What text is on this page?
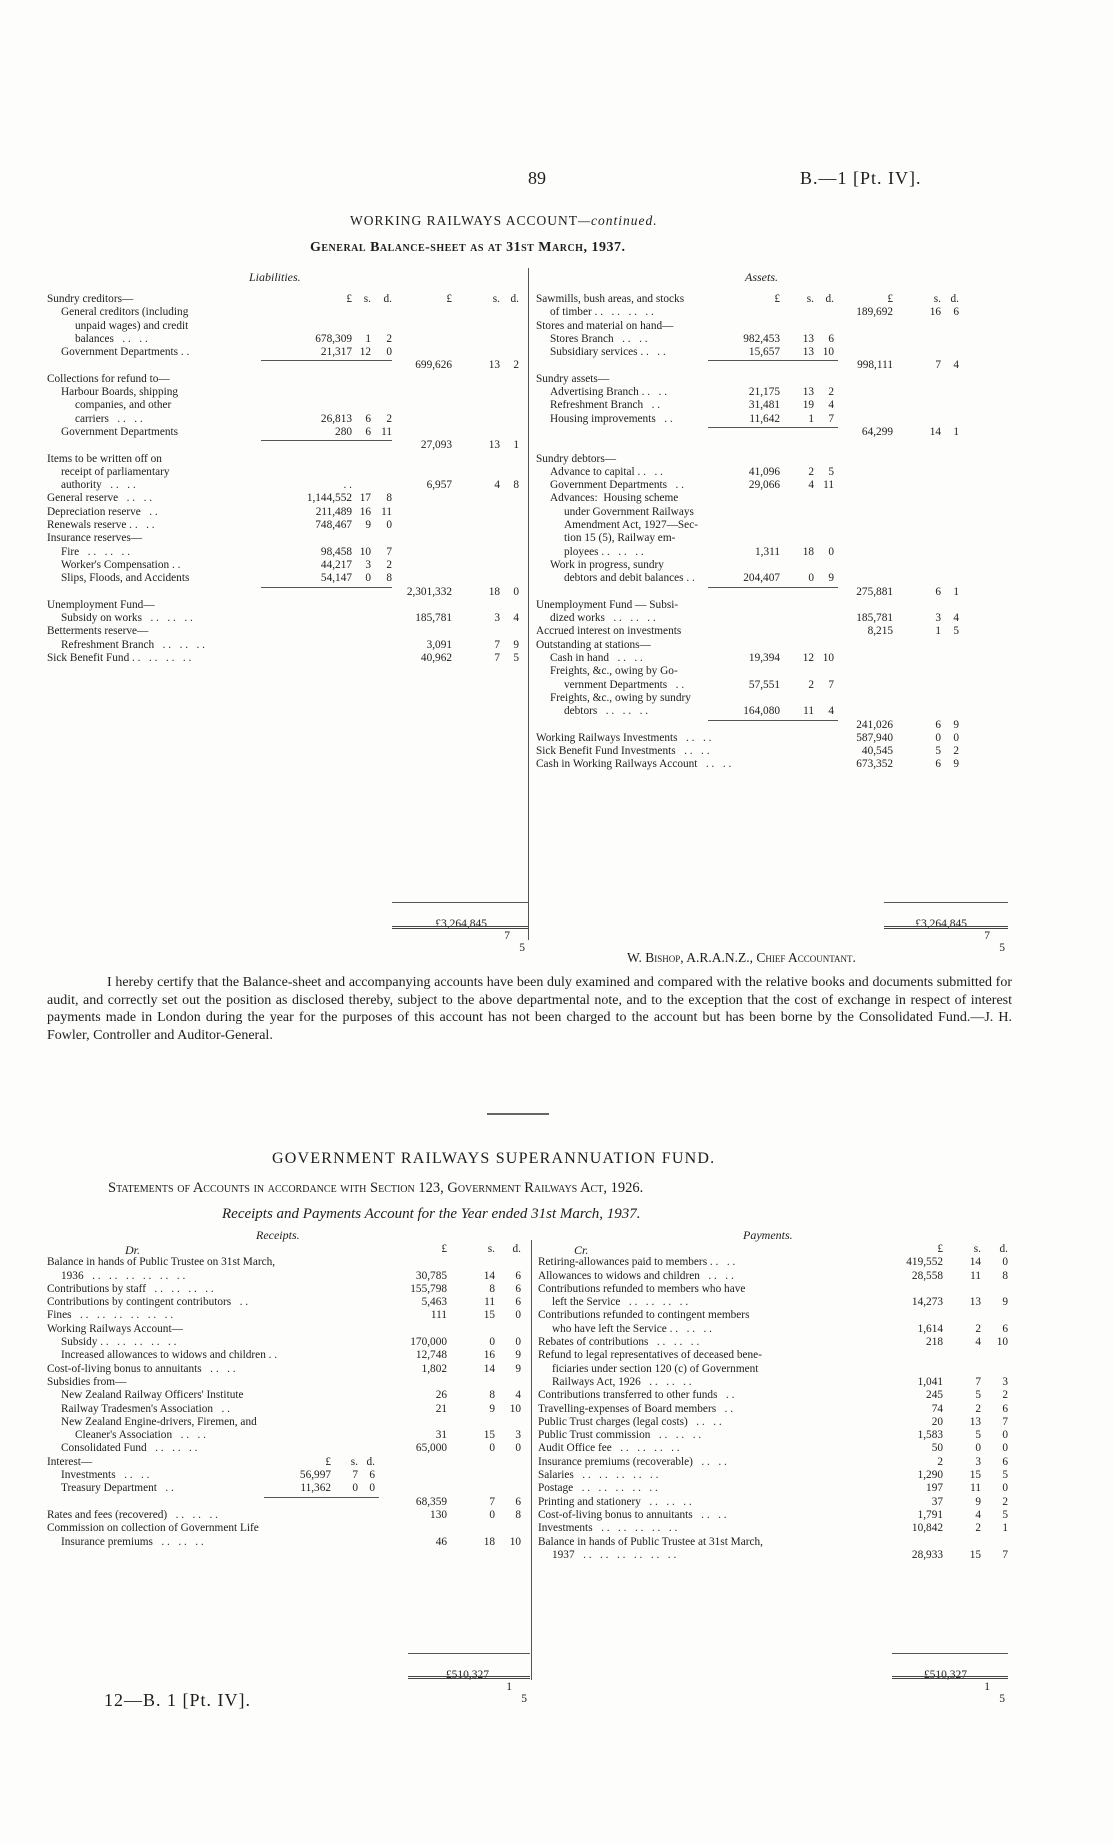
89	B.—1 [Pt. IV].
WORKING RAILWAYS ACCOUNT—continued.
General Balance-sheet as at 31st March, 1937.
Liabilities.	Assets.
Sundry creditors—	£	s.	d.	£	s. d.
General creditors (including
unpaid wages) and credit
balances   . .   . .	678,309	1	2
Government Departments . .	21,317 12	0
699,626	13	2
Collections for refund to—
Harbour Boards, shipping
companies, and other
carriers   . .   . .	26,813	6	2
Government Departments	280	6 11
27,093	13	1
Items to be written off on
receipt of parliamentary
authority   . .   . .	. .	6,957	4	8
General reserve   . .   . .	1,144,552 17	8
Depreciation reserve   . .	211,489 16 11
Renewals reserve . .   . .	748,467	9	0
Insurance reserves—
Fire   . .   . .   . .	98,458 10	7
Worker's Compensation . .	44,217	3	2
Slips, Floods, and Accidents	54,147	0	8
2,301,332	18	0
Unemployment Fund—
Subsidy on works   . .   . .   . .	185,781	3	4
Betterments reserve—
Refreshment Branch   . .   . .   . .	3,091	7	9
Sick Benefit Fund . .   . .   . .   . .	40,962	7	5
Sawmills, bush areas, and stocks	£	s.	d.	£	s. d.
of timber . .   . .   . .   . .	189,692	16	6
Stores and material on hand—
Stores Branch   . .   . .	982,453	13	6
Subsidiary services . .   . .	15,657	13 10
998,111	7	4
Sundry assets—
Advertising Branch . .   . .	21,175	13	2
Refreshment Branch   . .	31,481	19	4
Housing improvements   . .	11,642	1	7
64,299	14	1
Sundry debtors—
Advance to capital . .   . .	41,096	2	5
Government Departments   . .	29,066	4 11
Advances:  Housing scheme
under Government Railways
Amendment Act, 1927—Sec-
tion 15 (5), Railway em-
ployees . .   . .   . .	1,311	18	0
Work in progress, sundry
debtors and debit balances . .	204,407	0	9
275,881	6	1
Unemployment Fund — Subsi-
dized works   . .   . .   . .	185,781	3	4
Accrued interest on investments	8,215	1	5
Outstanding at stations—
Cash in hand   . .   . .	19,394	12 10
Freights, &c., owing by Go-
vernment Departments   . .	57,551	2	7
Freights, &c., owing by sundry
debtors   . .   . .   . .	164,080	11	4
241,026	6	9
Working Railways Investments   . .   . .	587,940	0	0
Sick Benefit Fund Investments   . .   . .	40,545	5	2
Cash in Working Railways Account   . .   . .	673,352	6	9

£3,264,845

7

5

£3,264,845

7

5

W. Bishop, A.R.A.N.Z., Chief Accountant.
I hereby certify that the Balance-sheet and accompanying accounts have been duly examined and compared with the relative books and documents submitted for audit, and correctly set out the position as disclosed thereby, subject to the above departmental note, and to the exception that the cost of exchange in respect of interest payments made in London during the year for the purposes of this account has not been charged to the account but has been borne by the Consolidated Fund.—J. H. Fowler, Controller and Auditor-General.
GOVERNMENT RAILWAYS SUPERANNUATION FUND.
Statements of Accounts in accordance with Section 123, Government Railways Act, 1926.
Receipts and Payments Account for the Year ended 31st March, 1937.
Receipts.	Payments.
Dr.	Cr.
£	s.	d.
Balance in hands of Public Trustee on 31st March,
1936   . .   . .   . .   . .   . .   . .	30,785	14	6
Contributions by staff   . .   . .   . .   . .	155,798	8	6
Contributions by contingent contributors   . .	5,463	11	6
Fines   . .   . .   . .   . .   . .   . .	111	15	0
Working Railways Account—
Subsidy . .   . .   . .   . .   . .	170,000	0	0
Increased allowances to widows and children . .	12,748	16	9
Cost-of-living bonus to annuitants   . .   . .	1,802	14	9
Subsidies from—
New Zealand Railway Officers' Institute	26	8	4
Railway Tradesmen's Association   . .	21	9	10
New Zealand Engine-drivers, Firemen, and
Cleaner's Association   . .   . .	31	15	3
Consolidated Fund   . .   . .   . .	65,000	0	0
Interest—	£	s. d.
Investments   . .   . .	56,997	7	6
Treasury Department   . .	11,362	0	0
68,359	7	6
Rates and fees (recovered)   . .   . .   . .	130	0	8
Commission on collection of Government Life
Insurance premiums   . .   . .   . .	46	18	10
£	s.	d.
Retiring-allowances paid to members . .   . .	419,552	14	0
Allowances to widows and children   . .   . .	28,558	11	8
Contributions refunded to members who have
left the Service   . .   . .   . .   . .	14,273	13	9
Contributions refunded to contingent members
who have left the Service . .   . .   . .	1,614	2	6
Rebates of contributions   . .   . .   . .	218	4	10
Refund to legal representatives of deceased bene-
ficiaries under section 120 (c) of Government
Railways Act, 1926   . .   . .   . .	1,041	7	3
Contributions transferred to other funds   . .	245	5	2
Travelling-expenses of Board members   . .	74	2	6
Public Trust charges (legal costs)   . .   . .	20	13	7
Public Trust commission   . .   . .   . .	1,583	5	0
Audit Office fee   . .   . .   . .   . .	50	0	0
Insurance premiums (recoverable)   . .   . .	2	3	6
Salaries   . .   . .   . .   . .   . .	1,290	15	5
Postage   . .   . .   . .   . .   . .	197	11	0
Printing and stationery   . .   . .   . .	37	9	2
Cost-of-living bonus to annuitants   . .   . .	1,791	4	5
Investments   . .   . .   . .   . .   . .	10,842	2	1
Balance in hands of Public Trustee at 31st March,
1937   . .   . .   . .   . .   . .   . .	28,933	15	7

£510,327

1

5

£510,327

1

5

12—B. 1 [Pt. IV].
